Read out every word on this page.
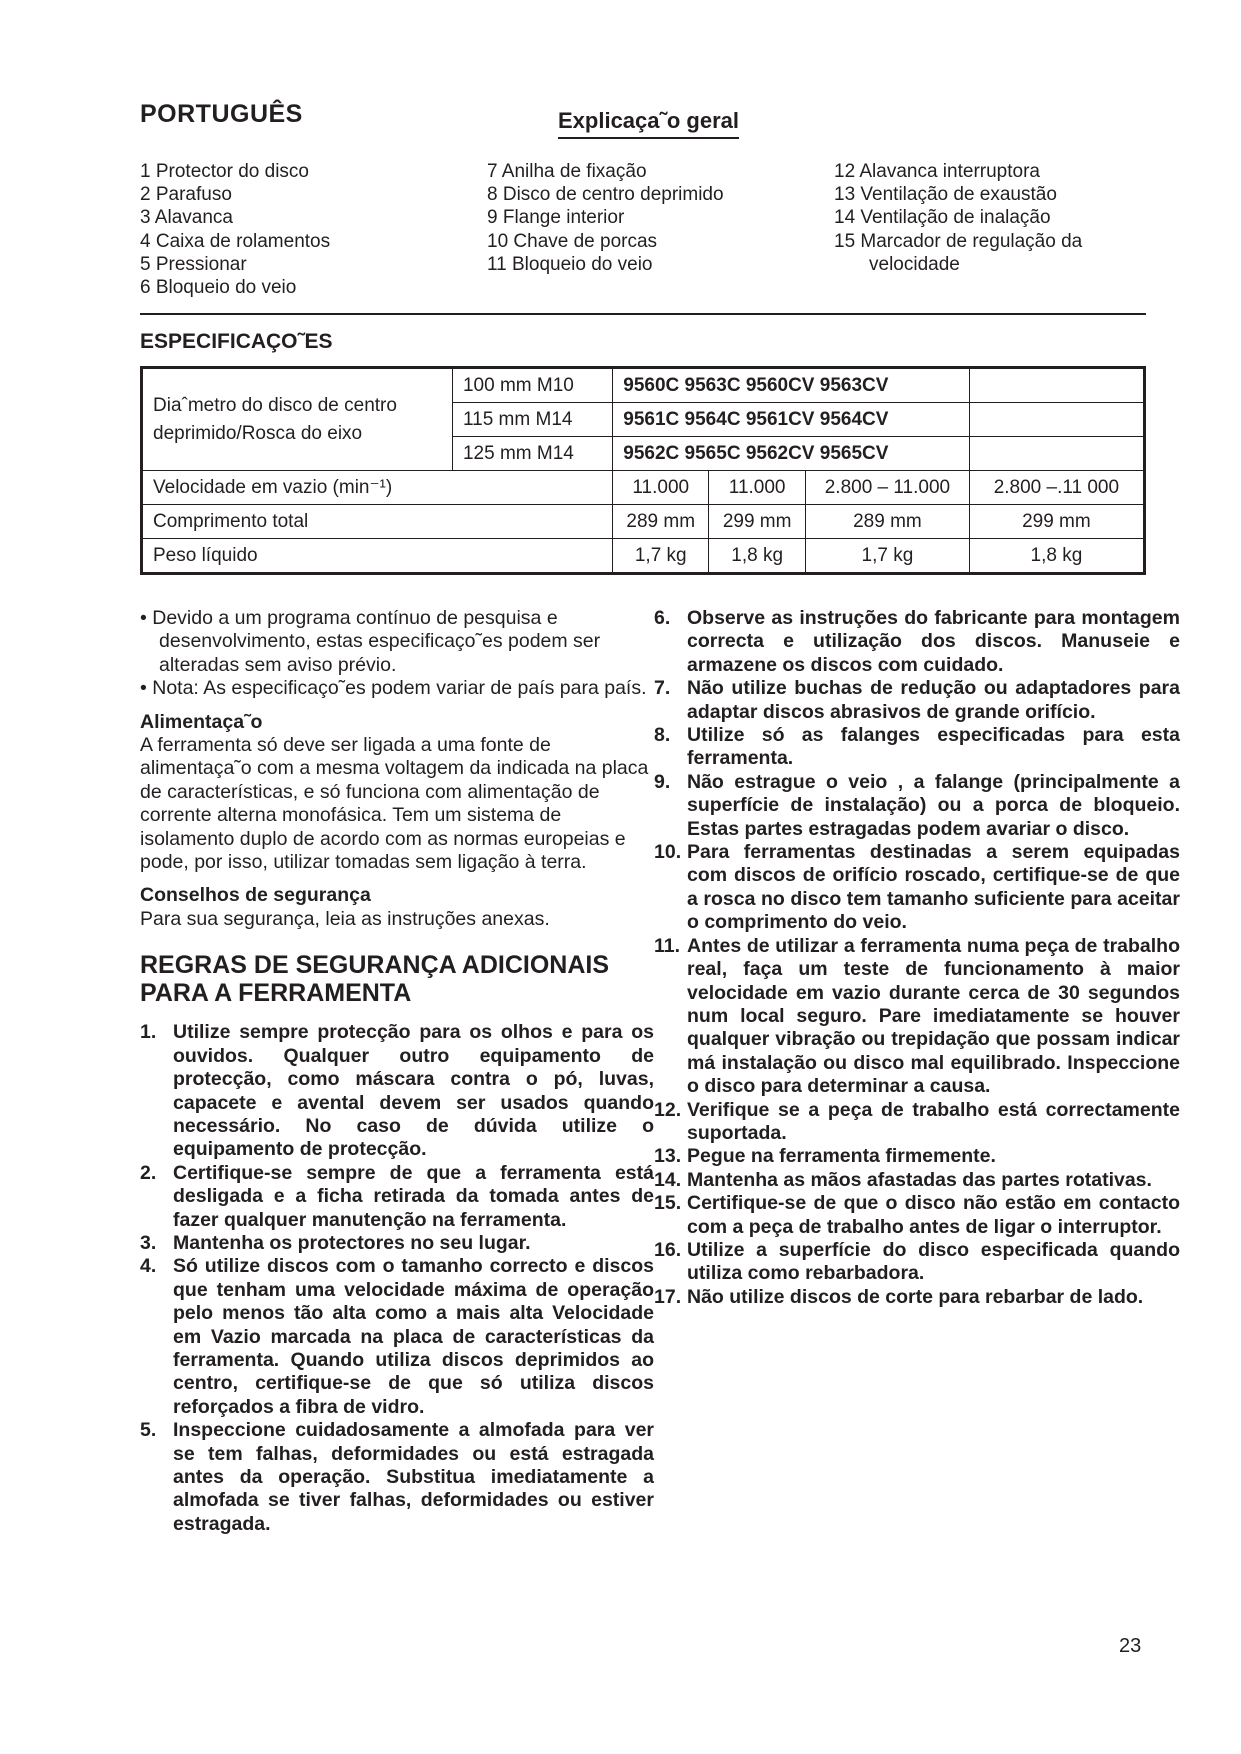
PORTUGUÊS	Explicaça˜o geral
1 Protector do disco
2 Parafuso
3 Alavanca
4 Caixa de rolamentos
5 Pressionar
6 Bloqueio do veio
7 Anilha de fixação
8 Disco de centro deprimido
9 Flange interior
10 Chave de porcas
11 Bloqueio do veio
12 Alavanca interruptora
13 Ventilação de exaustão
14 Ventilação de inalação
15 Marcador de regulação da
velocidade
ESPECIFICAÇO˜ES
Diaˆmetro do disco de centro deprimido/Rosca do eixo	100 mm M10	9560C 9563C 9560CV 9563CV			
	115 mm M14	9561C 9564C 9561CV 9564CV			
	125 mm M14	9562C 9565C 9562CV 9565CV			
Velocidade em vazio (min⁻¹)		11.000	11.000	2.800 – 11.000	2.800 –.11 000
Comprimento total		289 mm	299 mm	289 mm	299 mm
Peso líquido		1,7 kg	1,8 kg	1,7 kg	1,8 kg

• Devido a um programa contínuo de pesquisa e desenvolvimento, estas especificaço˜es podem ser alteradas sem aviso prévio.

• Nota: As especificaço˜es podem variar de país para país.

Alimentaça˜o

A ferramenta só deve ser ligada a uma fonte de alimentaça˜o com a mesma voltagem da indicada na placa de características, e só funciona com alimentação de corrente alterna monofásica. Tem um sistema de isolamento duplo de acordo com as normas europeias e pode, por isso, utilizar tomadas sem ligação à terra.

Conselhos de segurança

Para sua segurança, leia as instruções anexas.

REGRAS DE SEGURANÇA ADICIONAIS PARA A FERRAMENTA

1. Utilize sempre protecção para os olhos e para os ouvidos. Qualquer outro equipamento de protecção, como máscara contra o pó, luvas, capacete e avental devem ser usados quando necessário. No caso de dúvida utilize o equipamento de protecção.
2. Certifique-se sempre de que a ferramenta está desligada e a ficha retirada da tomada antes de fazer qualquer manutenção na ferramenta.
3. Mantenha os protectores no seu lugar.
4. Só utilize discos com o tamanho correcto e discos que tenham uma velocidade máxima de operação pelo menos tão alta como a mais alta Velocidade em Vazio marcada na placa de características da ferramenta. Quando utiliza discos deprimidos ao centro, certifique-se de que só utiliza discos reforçados a fibra de vidro.
5. Inspeccione cuidadosamente a almofada para ver se tem falhas, deformidades ou está estragada antes da operação. Substitua imediatamente a almofada se tiver falhas, deformidades ou estiver estragada.
6. Observe as instruções do fabricante para montagem correcta e utilização dos discos. Manuseie e armazene os discos com cuidado.
7. Não utilize buchas de redução ou adaptadores para adaptar discos abrasivos de grande orifício.
8. Utilize só as falanges especificadas para esta ferramenta.
9. Não estrague o veio , a falange (principalmente a superfície de instalação) ou a porca de bloqueio. Estas partes estragadas podem avariar o disco.
10. Para ferramentas destinadas a serem equipadas com discos de orifício roscado, certifique-se de que a rosca no disco tem tamanho suficiente para aceitar o comprimento do veio.
11. Antes de utilizar a ferramenta numa peça de trabalho real, faça um teste de funcionamento à maior velocidade em vazio durante cerca de 30 segundos num local seguro. Pare imediatamente se houver qualquer vibração ou trepidação que possam indicar má instalação ou disco mal equilibrado. Inspeccione o disco para determinar a causa.
12. Verifique se a peça de trabalho está correctamente suportada.
13. Pegue na ferramenta firmemente.
14. Mantenha as mãos afastadas das partes rotativas.
15. Certifique-se de que o disco não estão em contacto com a peça de trabalho antes de ligar o interruptor.
16. Utilize a superfície do disco especificada quando utiliza como rebarbadora.
17. Não utilize discos de corte para rebarbar de lado.
23
